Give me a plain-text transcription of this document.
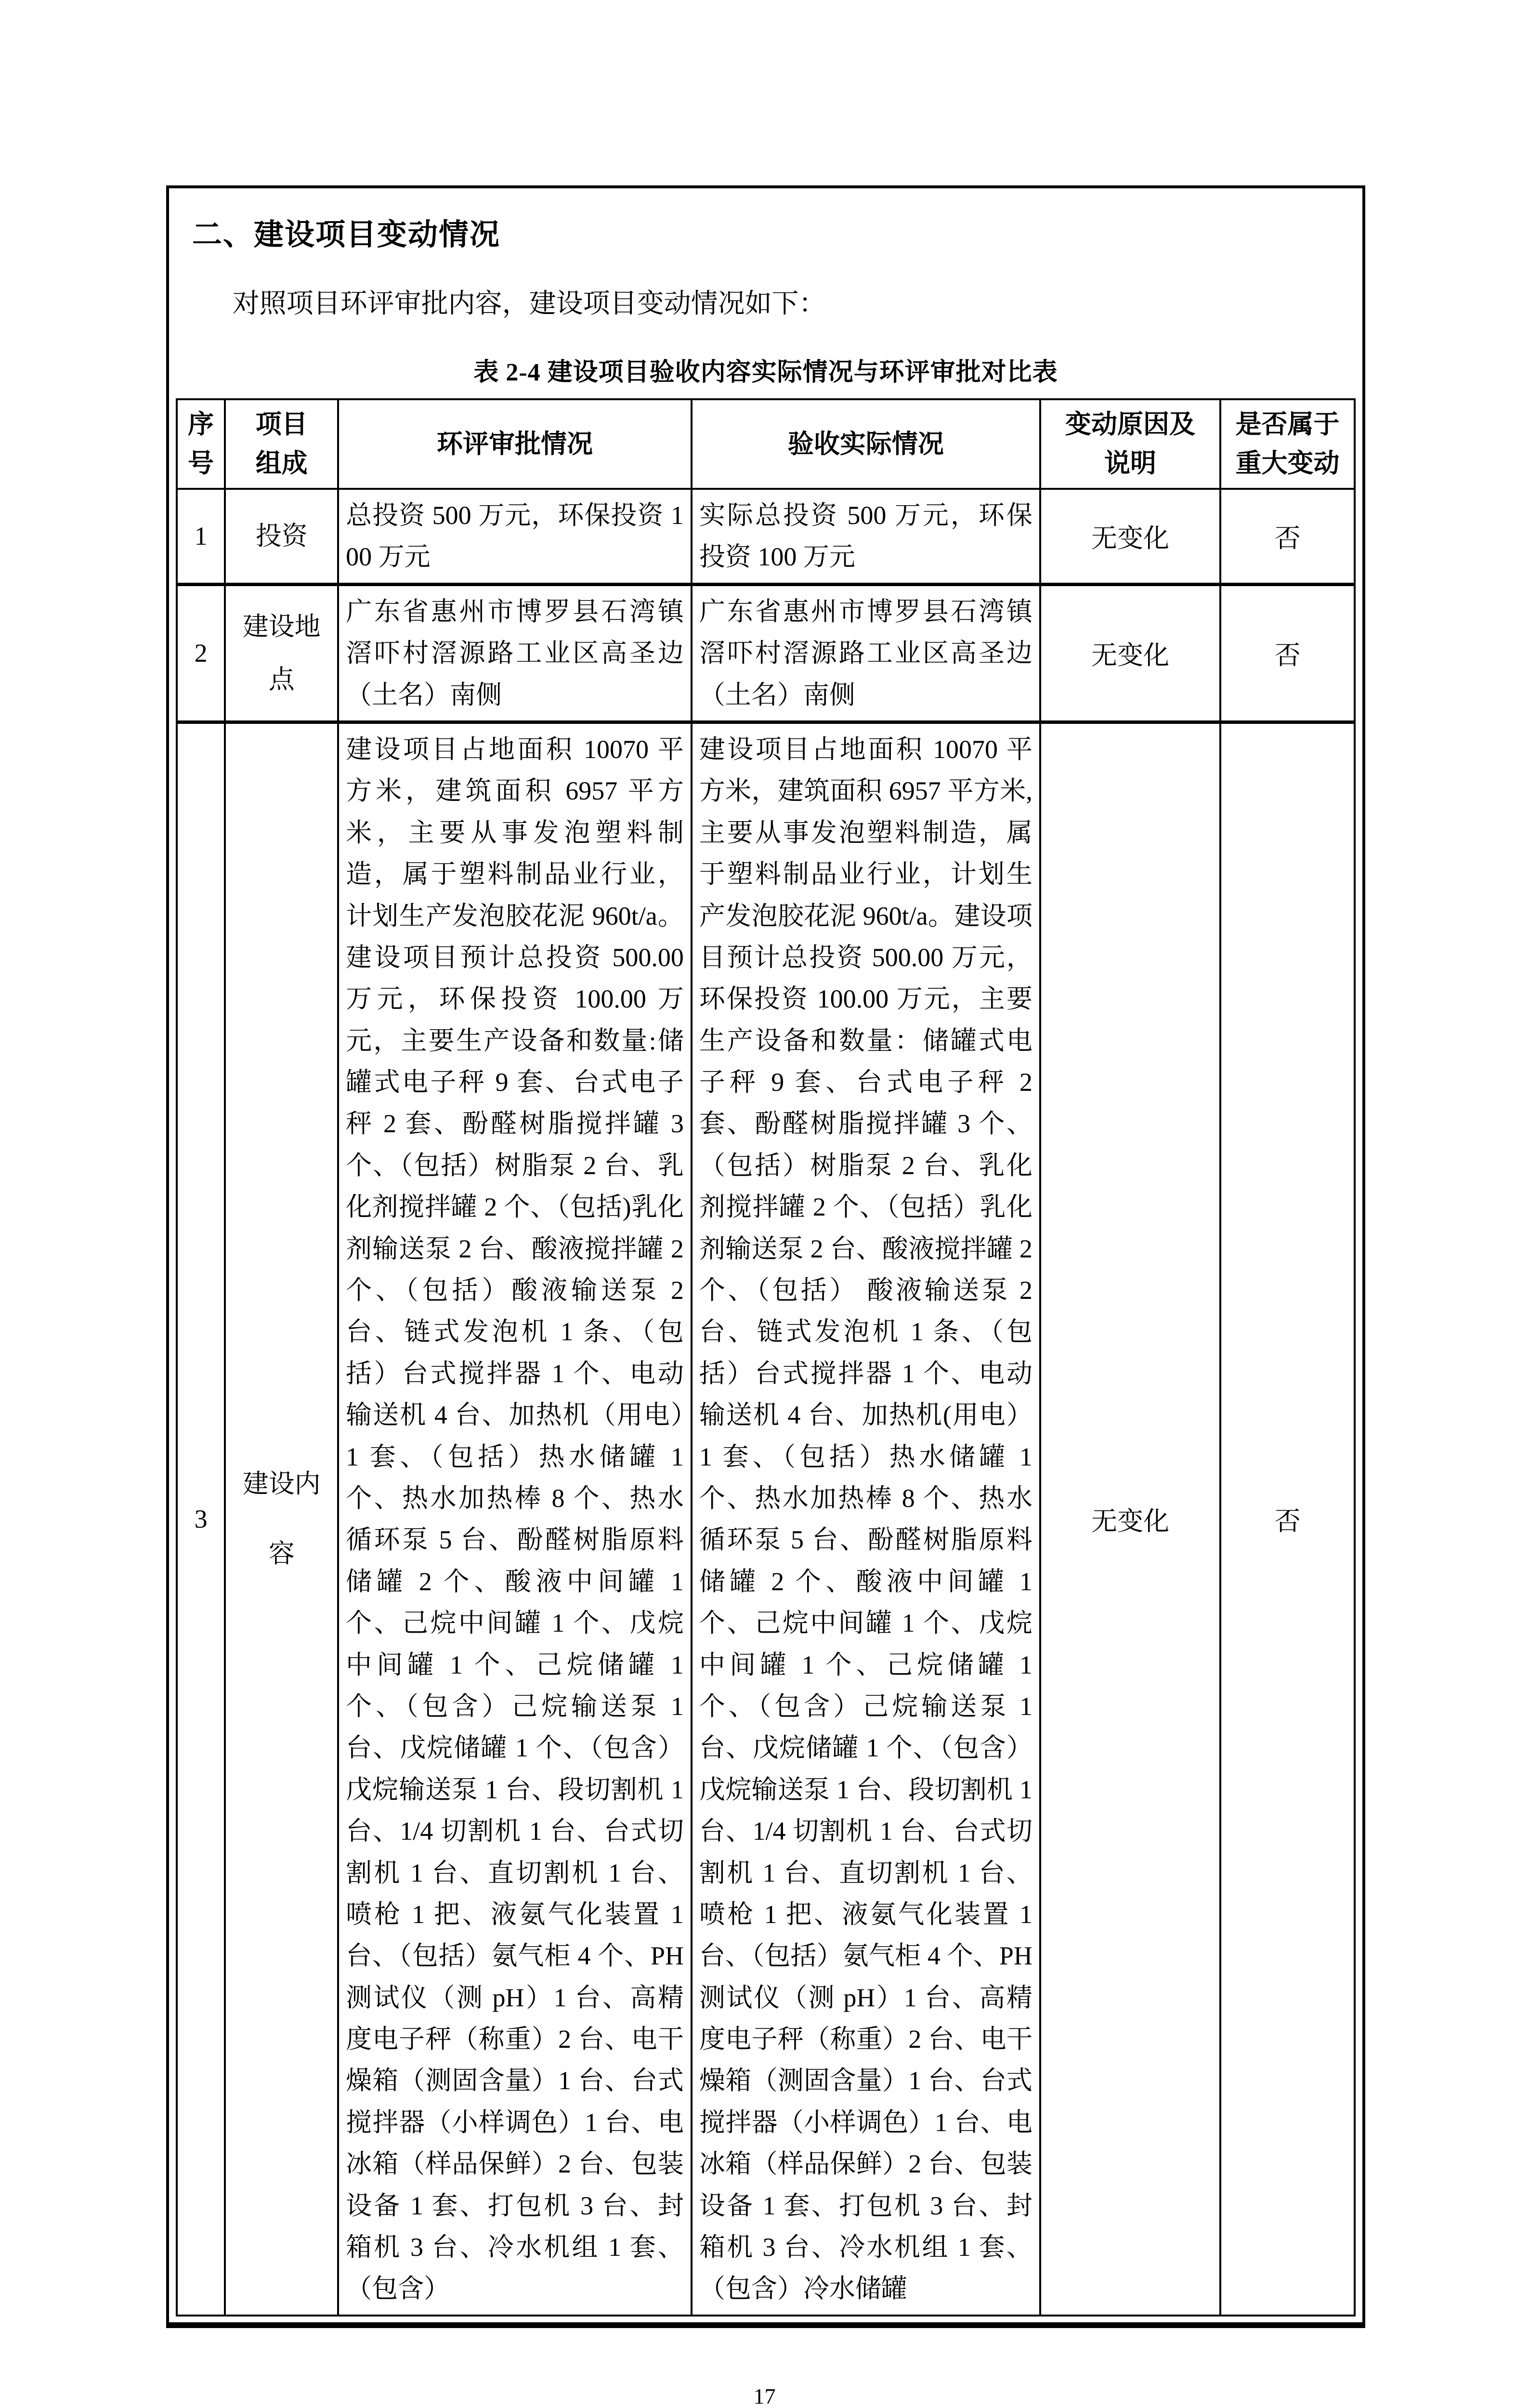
二、建设项目变动情况

对照项目环评审批内容，建设项目变动情况如下：

表 2-4 建设项目验收内容实际情况与环评审批对比表
序号	项目组成	环评审批情况	验收实际情况	变动原因及说明	是否属于重大变动
1	投资	总投资 500 万元，环保投资 100 万元	实际总投资 500 万元，环保投资 100 万元	无变化	否
2	建设地点	广东省惠州市博罗县石湾镇滘吓村滘源路工业区高圣边（土名）南侧	广东省惠州市博罗县石湾镇滘吓村滘源路工业区高圣边（土名）南侧	无变化	否
3	建设内容	建设项目占地面积 10070 平方米，建筑面积 6957 平方米，主要从事发泡塑料制造，属于塑料制品业行业，计划生产发泡胶花泥 960t/a。建设项目预计总投资 500.00 万元，环保投资 100.00 万元，主要生产设备和数量:储罐式电子秤 9 套、台式电子秤 2 套、酚醛树脂搅拌罐 3 个、（包括）树脂泵 2 台、乳化剂搅拌罐 2 个、（包括)乳化剂输送泵 2 台、酸液搅拌罐 2 个、（包括）酸液输送泵 2 台、链式发泡机 1 条、（包括）台式搅拌器 1 个、电动输送机 4 台、加热机（用电）1 套、（包括）热水储罐 1 个、热水加热棒 8 个、热水循环泵 5 台、酚醛树脂原料储罐 2 个、酸液中间罐 1 个、己烷中间罐 1 个、戊烷中间罐 1 个、己烷储罐 1 个、（包含）己烷输送泵 1 台、戊烷储罐 1 个、（包含）戊烷输送泵 1 台、段切割机 1 台、1/4 切割机 1 台、台式切割机 1 台、直切割机 1 台、喷枪 1 把、液氨气化装置 1 台、（包括）氨气柜 4 个、PH 测试仪（测 pH）1 台、高精度电子秤（称重）2 台、电干燥箱（测固含量）1 台、台式搅拌器（小样调色）1 台、电冰箱（样品保鲜）2 台、包装设备 1 套、打包机 3 台、封箱机 3 台、冷水机组 1 套、（包含）	建设项目占地面积 10070 平方米，建筑面积 6957 平方米,主要从事发泡塑料制造，属于塑料制品业行业，计划生产发泡胶花泥 960t/a。建设项目预计总投资 500.00 万元，环保投资 100.00 万元，主要生产设备和数量：储罐式电子秤 9 套、台式电子秤 2 套、酚醛树脂搅拌罐 3 个、（包括）树脂泵 2 台、乳化剂搅拌罐 2 个、（包括）乳化剂输送泵 2 台、酸液搅拌罐 2 个、（包括） 酸液输送泵 2 台、链式发泡机 1 条、（包括）台式搅拌器 1 个、电动输送机 4 台、加热机(用电）1 套、（包括）热水储罐 1 个、热水加热棒 8 个、热水循环泵 5 台、酚醛树脂原料储罐 2 个、酸液中间罐 1 个、己烷中间罐 1 个、戊烷中间罐 1 个、己烷储罐 1 个、（包含）己烷输送泵 1 台、戊烷储罐 1 个、（包含）戊烷输送泵 1 台、段切割机 1 台、1/4 切割机 1 台、台式切割机 1 台、直切割机 1 台、喷枪 1 把、液氨气化装置 1 台、（包括）氨气柜 4 个、PH 测试仪（测 pH）1 台、高精度电子秤（称重）2 台、电干燥箱（测固含量）1 台、台式搅拌器（小样调色）1 台、电冰箱（样品保鲜）2 台、包装设备 1 套、打包机 3 台、封箱机 3 台、冷水机组 1 套、（包含）冷水储罐	无变化	否
17
